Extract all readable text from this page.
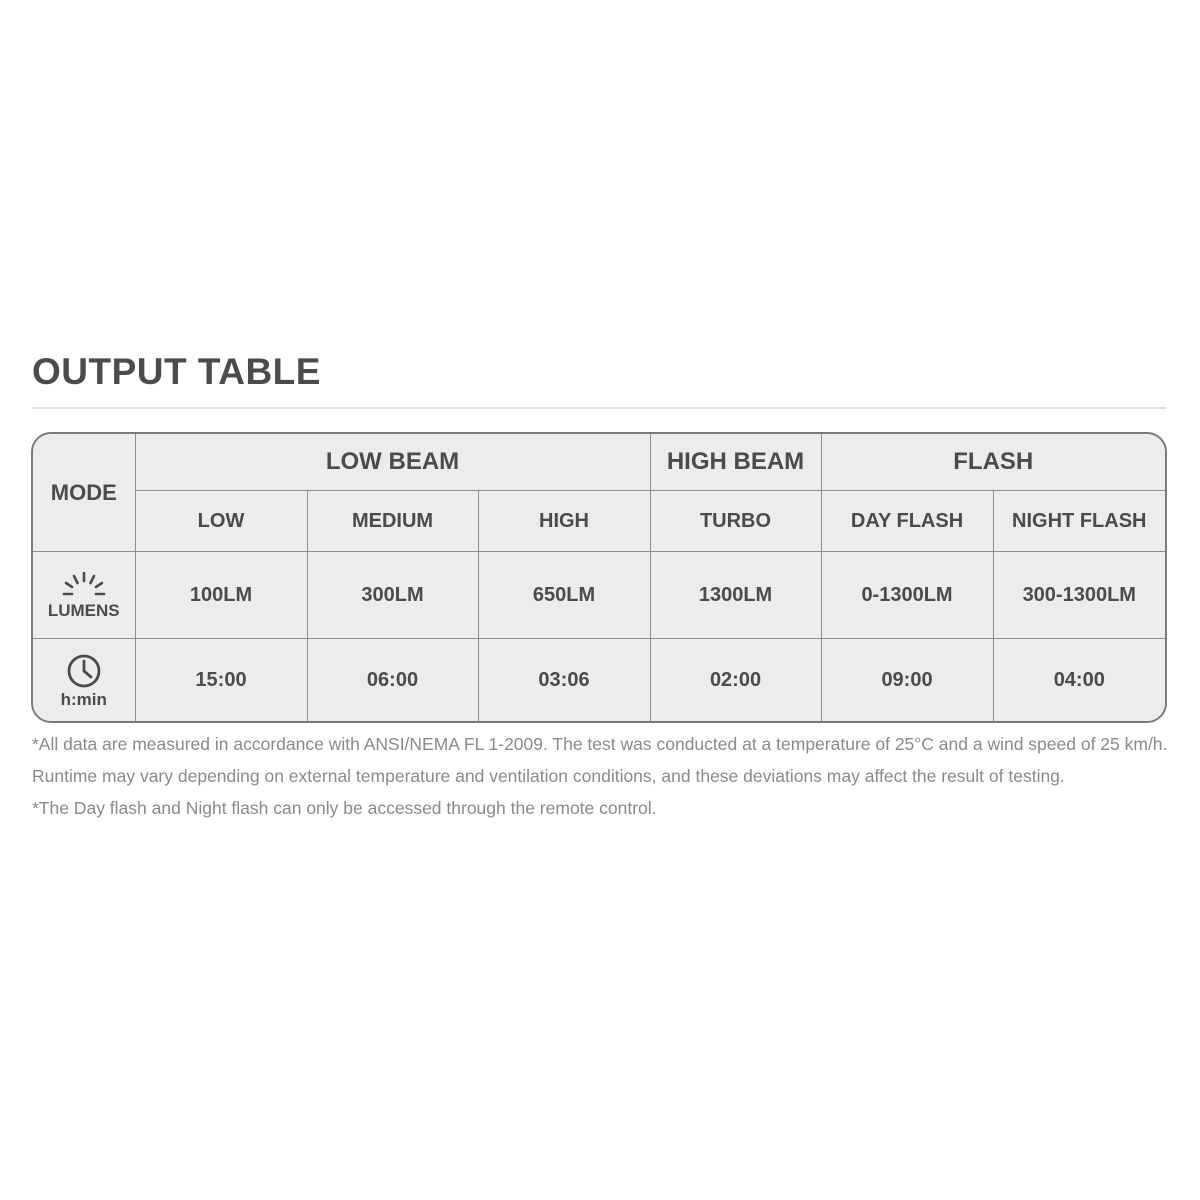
OUTPUT TABLE
MODE	LOW BEAM			HIGH BEAM	FLASH	
	LOW	MEDIUM	HIGH	TURBO	DAY FLASH	NIGHT FLASH

LUMENS	100LM	300LM	650LM	1300LM	0-1300LM	300-1300LM

h:min	15:00	06:00	03:06	02:00	09:00	04:00

*All data are measured in accordance with ANSI/NEMA FL 1-2009. The test was conducted at a temperature of 25°C and a wind speed of 25 km/h. Runtime may vary depending on external temperature and ventilation conditions, and these deviations may affect the result of testing.

*The Day flash and Night flash can only be accessed through the remote control.
